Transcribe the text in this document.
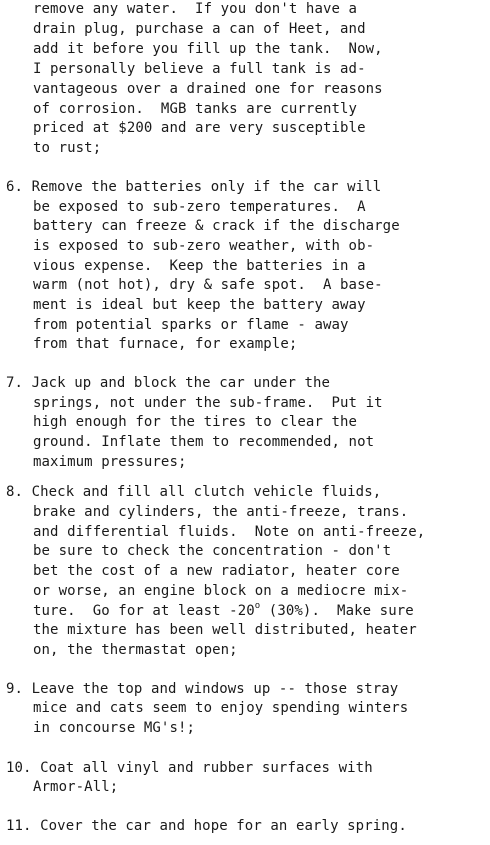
remove any water.  If you don't have a
drain plug, purchase a can of Heet, and
add it before you fill up the tank.  Now,
I personally believe a full tank is ad-
vantageous over a drained one for reasons
of corrosion.  MGB tanks are currently
priced at $200 and are very susceptible
to rust;
6. Remove the batteries only if the car will
be exposed to sub-zero temperatures.  A
battery can freeze & crack if the discharge
is exposed to sub-zero weather, with ob-
vious expense.  Keep the batteries in a
warm (not hot), dry & safe spot.  A base-
ment is ideal but keep the battery away
from potential sparks or flame - away
from that furnace, for example;
7. Jack up and block the car under the
springs, not under the sub-frame.  Put it
high enough for the tires to clear the
ground. Inflate them to recommended, not
maximum pressures;
8. Check and fill all clutch vehicle fluids,
brake and cylinders, the anti-freeze, trans.
and differential fluids.  Note on anti-freeze,
be sure to check the concentration - don't
bet the cost of a new radiator, heater core
or worse, an engine block on a mediocre mix-
ture.  Go for at least -20$^o$ (30%).  Make sure
the mixture has been well distributed, heater
on, the thermastat open;
9. Leave the top and windows up -- those stray
mice and cats seem to enjoy spending winters
in concourse MG's!;
10. Coat all vinyl and rubber surfaces with
Armor-All;
11. Cover the car and hope for an early spring.
